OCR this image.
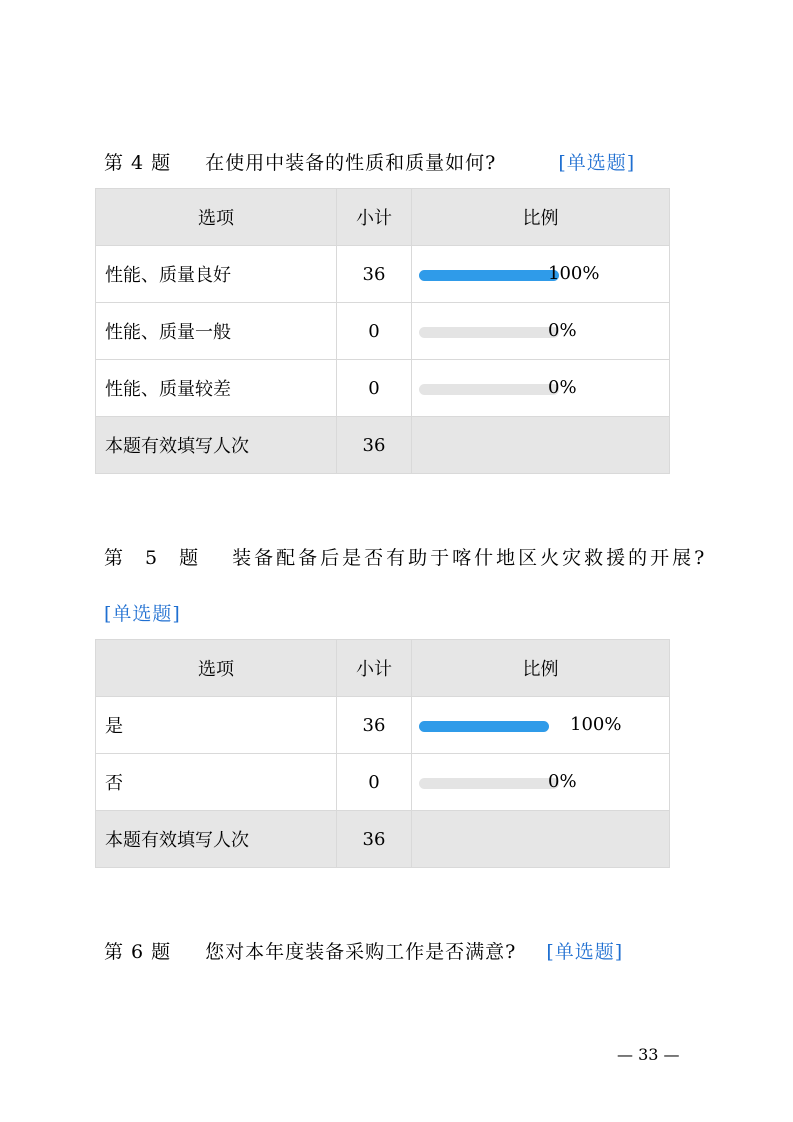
第 4 题 在使用中装备的性质和质量如何?	[单选题]
选项	小计	比例
性能、质量良好	36	100%

性能、质量一般	0	0%

性能、质量较差	0	0%

本题有效填写人次	36	
第 5 题 装备配备后是否有助于喀什地区火灾救援的开展?
[单选题]
选项	小计	比例
是	36	100%

否	0	0%

本题有效填写人次	36	
第 6 题 您对本年度装备采购工作是否满意? [单选题]
— 33 —
